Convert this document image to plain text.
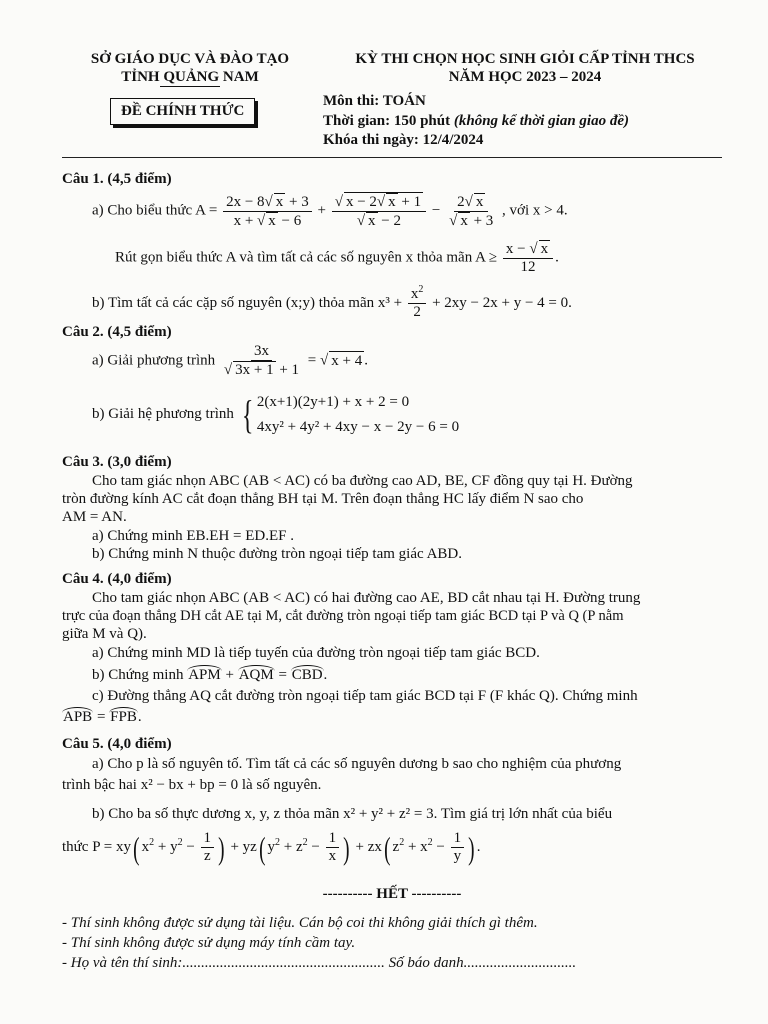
SỞ GIÁO DỤC VÀ ĐÀO TẠO
TỈNH QUẢNG NAM
ĐỀ CHÍNH THỨC
KỲ THI CHỌN HỌC SINH GIỎI CẤP TỈNH THCS
NĂM HỌC 2023 – 2024
Môn thi: TOÁN
Thời gian: 150 phút (không kể thời gian giao đề)
Khóa thi ngày: 12/4/2024
Câu 1. (4,5 điểm)
a) Cho biểu thức $A = \frac{2x - 8√ x + 3}{x + √ x - 6} + \frac{√ x - 2√ x + 1}{√ x - 2} - \frac{2√ x}{√ x + 3}$ , với x > 4.
Rút gọn biểu thức A và tìm tất cả các số nguyên x thỏa mãn $A \ge \frac{x - √ x}{12}$ .
b) Tìm tất cả các cặp số nguyên (x;y) thỏa mãn $x^3 + \frac{x^2}{2} + 2xy - 2x + y - 4 = 0$.
Câu 2. (4,5 điểm)
a) Giải phương trình $\frac{3x}{√ 3x + 1 + 1}$ = √ x + 4 .
b) Giải hệ phương trình { 2(x+1)(2y+1) + x + 2 = 0
4xy² + 4y² + 4xy − x − 2y − 6 = 0
Câu 3. (3,0 điểm)
Cho tam giác nhọn ABC (AB < AC) có ba đường cao AD, BE, CF đồng quy tại H. Đường
tròn đường kính AC cắt đoạn thẳng BH tại M. Trên đoạn thẳng HC lấy điểm N sao cho
AM = AN.
a) Chứng minh EB.EH = ED.EF .
b) Chứng minh N thuộc đường tròn ngoại tiếp tam giác ABD.
Câu 4. (4,0 điểm)
Cho tam giác nhọn ABC (AB < AC) có hai đường cao AE, BD cắt nhau tại H. Đường trung
trực của đoạn thẳng DH cắt AE tại M, cắt đường tròn ngoại tiếp tam giác BCD tại P và Q (P nằm
giữa M và Q).
a) Chứng minh MD là tiếp tuyến của đường tròn ngoại tiếp tam giác BCD.
b) Chứng minh APM + AQM = CBD.
c) Đường thẳng AQ cắt đường tròn ngoại tiếp tam giác BCD tại F (F khác Q). Chứng minh
APB = FPB.
Câu 5. (4,0 điểm)
a) Cho p là số nguyên tố. Tìm tất cả các số nguyên dương b sao cho nghiệm của phương
trình bậc hai x² − bx + bp = 0 là số nguyên.
b) Cho ba số thực dương x, y, z thỏa mãn x² + y² + z² = 3. Tìm giá trị lớn nhất của biểu
thức P = xy( $x^2 + y^2 - \frac{1}{z}$ ) + yz( $y^2 + z^2 - \frac{1}{x}$ ) + zx( $z^2 + x^2 - \frac{1}{y}$ ) .
---------- HẾT ----------
- Thí sinh không được sử dụng tài liệu. Cán bộ coi thi không giải thích gì thêm.
- Thí sinh không được sử dụng máy tính cầm tay.
- Họ và tên thí sinh:...................................................... Số báo danh..............................
